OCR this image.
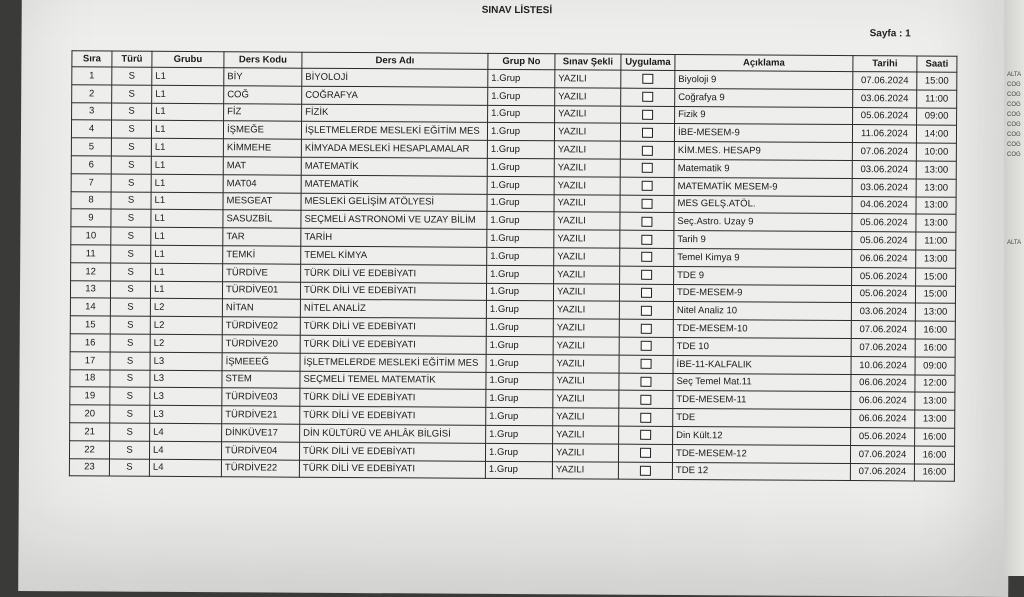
SINAV LİSTESİ
Sayfa : 1
Sıra	Türü	Grubu	Ders Kodu	Ders Adı	Grup No	Sınav Şekli	Uygulama	Açıklama	Tarihi	Saati
1	S	L1	BİY	BİYOLOJİ	1.Grup	YAZILI		Biyoloji 9	07.06.2024	15:00
2	S	L1	COĞ	COĞRAFYA	1.Grup	YAZILI		Coğrafya 9	03.06.2024	11:00
3	S	L1	FİZ	FİZİK	1.Grup	YAZILI		Fizik 9	05.06.2024	09:00
4	S	L1	İŞMEĞE	İŞLETMELERDE MESLEKİ EĞİTİM MES	1.Grup	YAZILI		İBE-MESEM-9	11.06.2024	14:00
5	S	L1	KİMMEHE	KİMYADA MESLEKİ HESAPLAMALAR	1.Grup	YAZILI		KİM.MES. HESAP9	07.06.2024	10:00
6	S	L1	MAT	MATEMATİK	1.Grup	YAZILI		Matematik 9	03.06.2024	13:00
7	S	L1	MAT04	MATEMATİK	1.Grup	YAZILI		MATEMATİK MESEM-9	03.06.2024	13:00
8	S	L1	MESGEAT	MESLEKİ GELİŞİM ATÖLYESİ	1.Grup	YAZILI		MES GELŞ.ATÖL.	04.06.2024	13:00
9	S	L1	SASUZBİL	SEÇMELİ ASTRONOMİ VE UZAY BİLİM	1.Grup	YAZILI		Seç.Astro. Uzay 9	05.06.2024	13:00
10	S	L1	TAR	TARİH	1.Grup	YAZILI		Tarih 9	05.06.2024	11:00
11	S	L1	TEMKİ	TEMEL KİMYA	1.Grup	YAZILI		Temel Kimya 9	06.06.2024	13:00
12	S	L1	TÜRDİVE	TÜRK DİLİ VE EDEBİYATI	1.Grup	YAZILI		TDE 9	05.06.2024	15:00
13	S	L1	TÜRDİVE01	TÜRK DİLİ VE EDEBİYATI	1.Grup	YAZILI		TDE-MESEM-9	05.06.2024	15:00
14	S	L2	NİTAN	NİTEL ANALİZ	1.Grup	YAZILI		Nitel Analiz 10	03.06.2024	13:00
15	S	L2	TÜRDİVE02	TÜRK DİLİ VE EDEBİYATI	1.Grup	YAZILI		TDE-MESEM-10	07.06.2024	16:00
16	S	L2	TÜRDİVE20	TÜRK DİLİ VE EDEBİYATI	1.Grup	YAZILI		TDE 10	07.06.2024	16:00
17	S	L3	İŞMEEEĞ	İŞLETMELERDE MESLEKİ EĞİTİM MES	1.Grup	YAZILI		İBE-11-KALFALIK	10.06.2024	09:00
18	S	L3	STEM	SEÇMELİ TEMEL MATEMATİK	1.Grup	YAZILI		Seç Temel Mat.11	06.06.2024	12:00
19	S	L3	TÜRDİVE03	TÜRK DİLİ VE EDEBİYATI	1.Grup	YAZILI		TDE-MESEM-11	06.06.2024	13:00
20	S	L3	TÜRDİVE21	TÜRK DİLİ VE EDEBİYATI	1.Grup	YAZILI		TDE	06.06.2024	13:00
21	S	L4	DİNKÜVE17	DİN KÜLTÜRÜ VE AHLÂK BİLGİSİ	1.Grup	YAZILI		Din Kült.12	05.06.2024	16:00
22	S	L4	TÜRDİVE04	TÜRK DİLİ VE EDEBİYATI	1.Grup	YAZILI		TDE-MESEM-12	07.06.2024	16:00
23	S	L4	TÜRDİVE22	TÜRK DİLİ VE EDEBİYATI	1.Grup	YAZILI		TDE 12	07.06.2024	16:00
ALTA
COG
COG
COG
COG
COG
COG
COG
COG
ALTA
